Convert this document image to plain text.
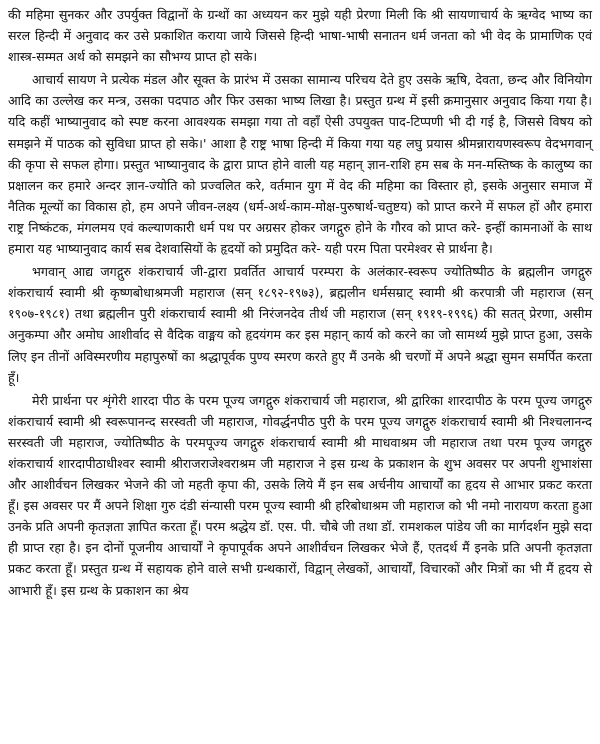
की महिमा सुनकर और उपर्युक्त विद्वानों के ग्रन्थों का अध्ययन कर मुझे यही प्रेरणा मिली कि श्री सायणाचार्य के ऋग्वेद भाष्य का सरल हिन्दी में अनुवाद कर उसे प्रकाशित कराया जाये जिससे हिन्दी भाषा-भाषी सनातन धर्म जनता को भी वेद के प्रामाणिक एवं शास्त्र-सम्मत अर्थ को समझने का सौभग्य प्राप्त हो सके।

आचार्य सायण ने प्रत्येक मंडल और सूक्त के प्रारंभ में उसका सामान्य परिचय देते हुए उसके ऋषि, देवता, छन्द और विनियोग आदि का उल्लेख कर मन्त्र, उसका पदपाठ और फिर उसका भाष्य लिखा है। प्रस्तुत ग्रन्थ में इसी क्रमानुसार अनुवाद किया गया है। यदि कहीं भाष्यानुवाद को स्पष्ट करना आवश्यक समझा गया तो वहाँ ऐसी उपयुक्त पाद-टिप्पणी भी दी गई है, जिससे विषय को समझने में पाठक को सुविधा प्राप्त हो सके।' आशा है राष्ट्र भाषा हिन्दी में किया गया यह लघु प्रयास श्रीमन्नारायणस्वरूप वेदभगवान् की कृपा से सफल होगा। प्रस्तुत भाष्यानुवाद के द्वारा प्राप्त होने वाली यह महान् ज्ञान-राशि हम सब के मन-मस्तिष्क के कालुष्य का प्रक्षालन कर हमारे अन्दर ज्ञान-ज्योति को प्रज्वलित करे, वर्तमान युग में वेद की महिमा का विस्तार हो, इसके अनुसार समाज में नैतिक मूल्यों का विकास हो, हम अपने जीवन-लक्ष्य (धर्म-अर्थ-काम-मोक्ष-पुरुषार्थ-चतुष्टय) को प्राप्त करने में सफल हों और हमारा राष्ट्र निष्कंटक, मंगलमय एवं कल्याणकारी धर्म पथ पर अग्रसर होकर जगद्गुरु होने के गौरव को प्राप्त करे- इन्हीं कामनाओं के साथ हमारा यह भाष्यानुवाद कार्य सब देशवासियों के हृदयों को प्रमुदित करे- यही परम पिता परमेश्वर से प्रार्थना है।

भगवान् आद्य जगद्गुरु शंकराचार्य जी-द्वारा प्रवर्तित आचार्य परम्परा के अलंकार-स्वरूप ज्योतिष्पीठ के ब्रह्मलीन जगद्गुरु शंकराचार्य स्वामी श्री कृष्णबोधाश्रमजी महाराज (सन् १८९२-१९७३), ब्रह्मलीन धर्मसम्राट् स्वामी श्री करपात्री जी महाराज (सन् १९०७-१९८१) तथा ब्रह्मलीन पुरी शंकराचार्य स्वामी श्री निरंजनदेव तीर्थ जी महाराज (सन् १९१९-१९९६) की सतत् प्रेरणा, असीम अनुकम्पा और अमोघ आशीर्वाद से वैदिक वाङ्मय को हृदयंगम कर इस महान् कार्य को करने का जो सामर्थ्य मुझे प्राप्त हुआ, उसके लिए इन तीनों अविस्मरणीय महापुरुषों का श्रद्धापूर्वक पुण्य स्मरण करते हुए मैं उनके श्री चरणों में अपने श्रद्धा सुमन समर्पित करता हूँ।

मेरी प्रार्थना पर शृंगेरी शारदा पीठ के परम पूज्य जगद्गुरु शंकराचार्य जी महाराज, श्री द्वारिका शारदापीठ के परम पूज्य जगद्गुरु शंकराचार्य स्वामी श्री स्वरूपानन्द सरस्वती जी महाराज, गोवर्द्धनपीठ पुरी के परम पूज्य जगद्गुरु शंकराचार्य स्वामी श्री निश्चलानन्द सरस्वती जी महाराज, ज्योतिष्पीठ के परमपूज्य जगद्गुरु शंकराचार्य स्वामी श्री माधवाश्रम जी महाराज तथा परम पूज्य जगद्गुरु शंकराचार्य शारदापीठाधीश्वर स्वामी श्रीराजराजेश्वराश्रम जी महाराज ने इस ग्रन्थ के प्रकाशन के शुभ अवसर पर अपनी शुभाशंसा और आशीर्वचन लिखकर भेजने की जो महती कृपा की, उसके लिये मैं इन सब अर्चनीय आचार्यों का हृदय से आभार प्रकट करता हूँ। इस अवसर पर मैं अपने शिक्षा गुरु दंडी संन्यासी परम पूज्य स्वामी श्री हरिबोधाश्रम जी महाराज को भी नमो नारायण करता हुआ उनके प्रति अपनी कृतज्ञता ज्ञापित करता हूँ। परम श्रद्धेय डॉ. एस. पी. चौबे जी तथा डॉ. रामशकल पांडेय जी का मार्गदर्शन मुझे सदा ही प्राप्त रहा है। इन दोनों पूजनीय आचार्यों ने कृपापूर्वक अपने आशीर्वचन लिखकर भेजे हैं, एतदर्थ मैं इनके प्रति अपनी कृतज्ञता प्रकट करता हूँ। प्रस्तुत ग्रन्थ में सहायक होने वाले सभी ग्रन्थकारों, विद्वान् लेखकों, आचार्यों, विचारकों और मित्रों का भी मैं हृदय से आभारी हूँ। इस ग्रन्थ के प्रकाशन का श्रेय
